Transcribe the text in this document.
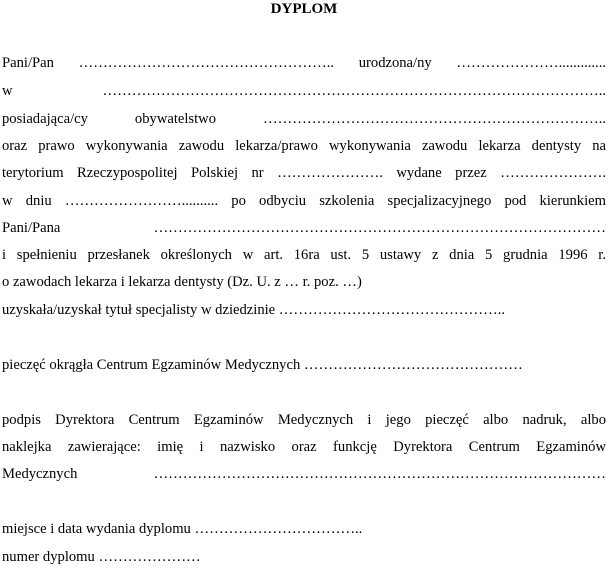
DYPLOM
Pani/Pan …………………………………………….. urodzona/ny ………………….............
w …………………………………………………………………………………………..
posiadająca/cy obywatelstwo ……………………………………………………………..
oraz prawo wykonywania zawodu lekarza/prawo wykonywania zawodu lekarza dentysty na
terytorium Rzeczypospolitej Polskiej nr …………………. wydane przez ………………….
w dniu …………………….......... po odbyciu szkolenia specjalizacyjnego pod kierunkiem
Pani/Pana …………………………………………………………………………………
i spełnieniu przesłanek określonych w art. 16ra ust. 5 ustawy z dnia 5 grudnia 1996 r.
o zawodach lekarza i lekarza dentysty (Dz. U. z … r. poz. …)
uzyskała/uzyskał tytuł specjalisty w dziedzinie ………………………………………..
pieczęć okrągła Centrum Egzaminów Medycznych ………………………………………
podpis Dyrektora Centrum Egzaminów Medycznych i jego pieczęć albo nadruk, albo
naklejka zawierające: imię i nazwisko oraz funkcję Dyrektora Centrum Egzaminów
Medycznych …………………………………………………………………………………
miejsce i data wydania dyplomu ……………………………..
numer dyplomu …………………
